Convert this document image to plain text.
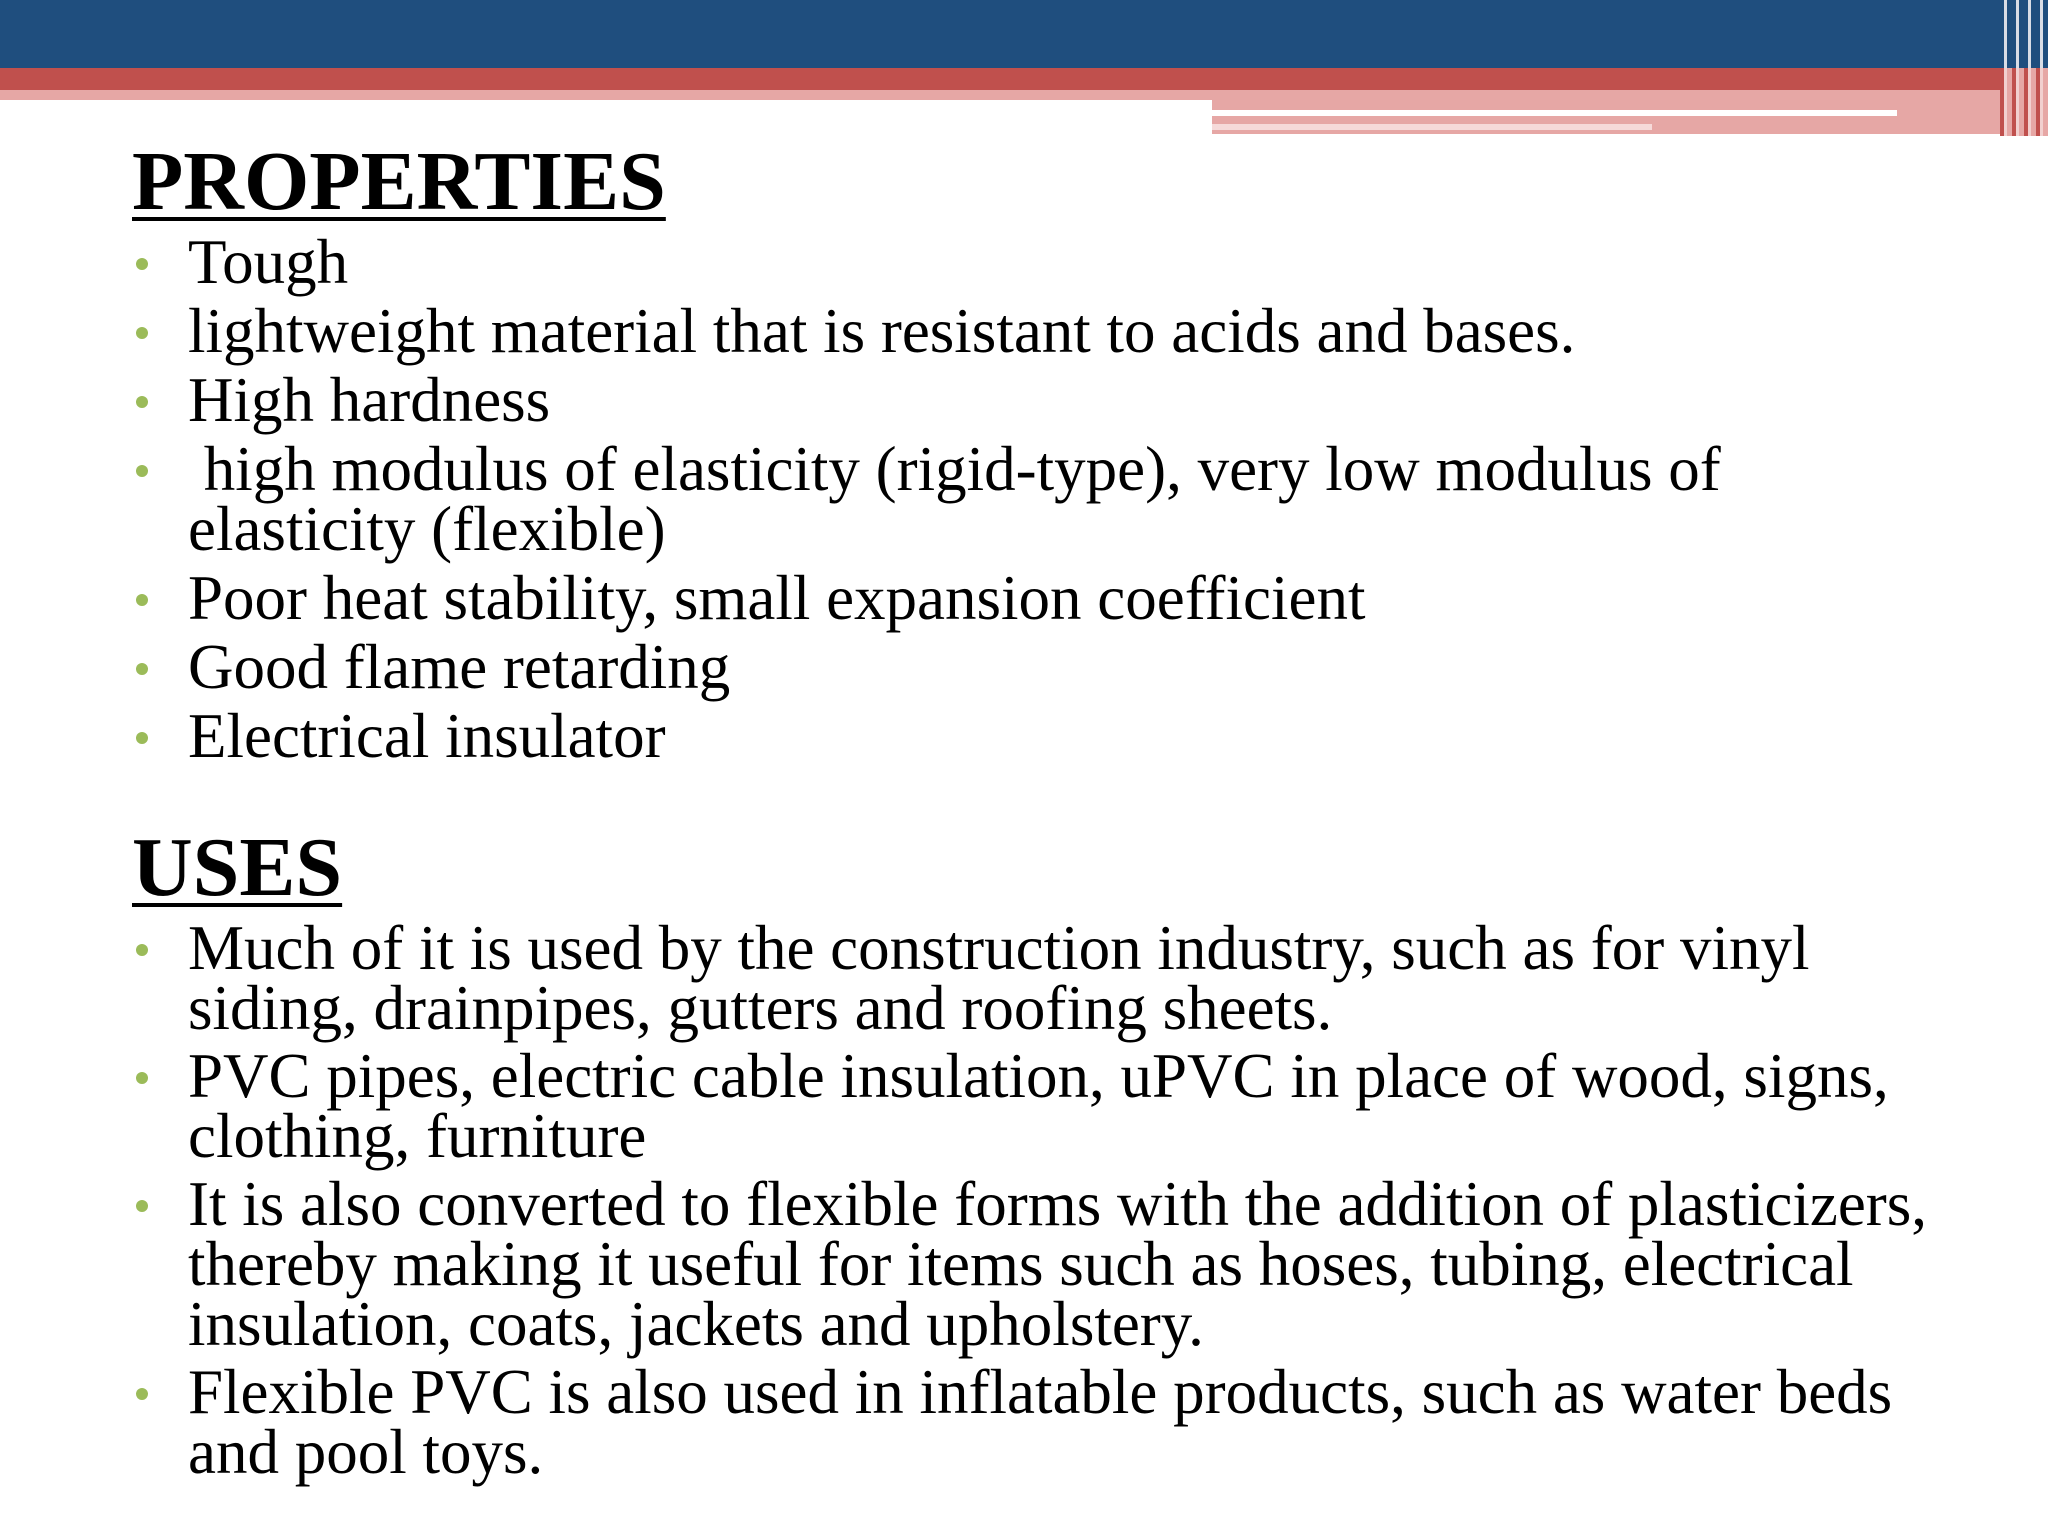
PROPERTIES
Tough
lightweight material that is resistant to acids and bases.
High hardness
high modulus of elasticity (rigid-type), very low modulus of elasticity (flexible)
Poor heat stability, small expansion coefficient
Good flame retarding
Electrical insulator
USES
Much of it is used by the construction industry, such as for vinyl siding, drainpipes, gutters and roofing sheets.
PVC pipes, electric cable insulation, uPVC in place of wood, signs, clothing, furniture
It is also converted to flexible forms with the addition of plasticizers, thereby making it useful for items such as hoses, tubing, electrical insulation, coats, jackets and upholstery.
Flexible PVC is also used in inflatable products, such as water beds and pool toys.
